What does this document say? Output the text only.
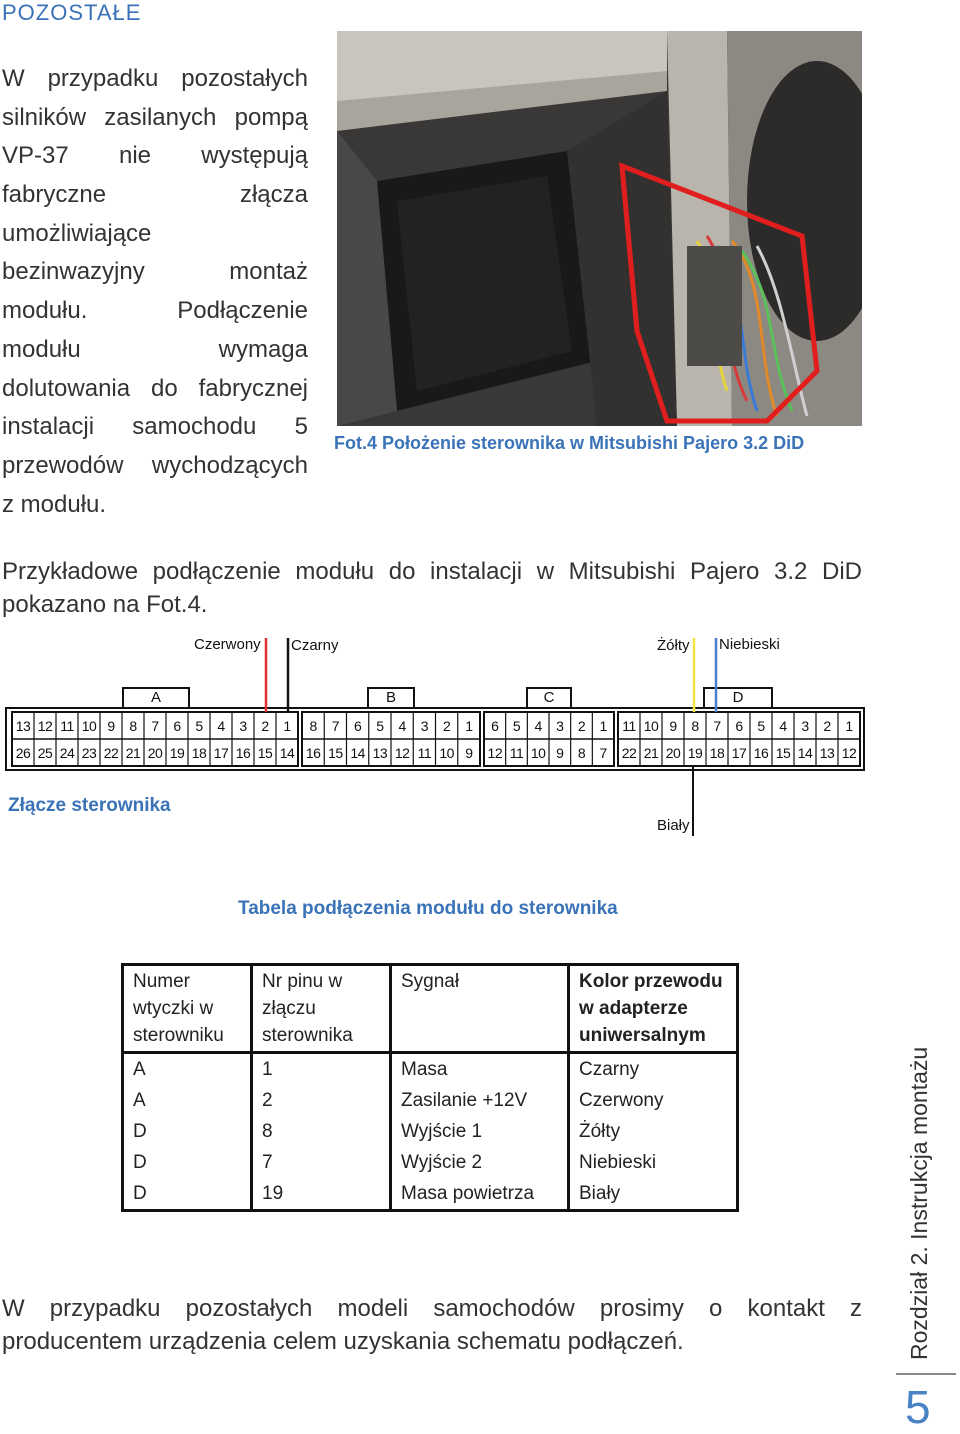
POZOSTAŁE
W przypadku pozostałych
silników zasilanych pompą
VP-37 nie występują
fabryczne złącza
umożliwiające
bezinwazyjny montaż
modułu. Podłączenie
modułu wymaga
dolutowania do fabrycznej
instalacji samochodu 5
przewodów wychodzących
z modułu.
Fot.4 Położenie sterownika w Mitsubishi Pajero 3.2 DiD
Przykładowe podłączenie modułu do instalacji w Mitsubishi Pajero 3.2 DiD
pokazano na Fot.4.
Czerwony Czarny	Żółty Niebieski
Biały
A	B	C	D
13 12 11 10 9	8	7	6	5	4	3	2	1
26 25 24 23 22 21 20 19 18 17 16 15 14
8	7	6	5	4	3	2	1
16 15 14 13 12 11 10 9
6	5	4	3	2	1
12 11 10 9	8	7
11 10 9	8	7	6	5	4	3	2	1
22 21 20 19 18 17 16 15 14 13 12
Złącze sterownika
Tabela podłączenia modułu do sterownika
Numer wtyczki w sterowniku	Nr pinu w złączu sterownika	Sygnał	Kolor przewodu w adapterze uniwersalnym
A	1	Masa	Czarny
A	2	Zasilanie +12V	Czerwony
D	8	Wyjście 1	Żółty
D	7	Wyjście 2	Niebieski
D	19	Masa powietrza	Biały
W przypadku pozostałych modeli samochodów prosimy o kontakt z
producentem urządzenia celem uzyskania schematu podłączeń.	Rozdział 2. Instrukcja montażu
5
